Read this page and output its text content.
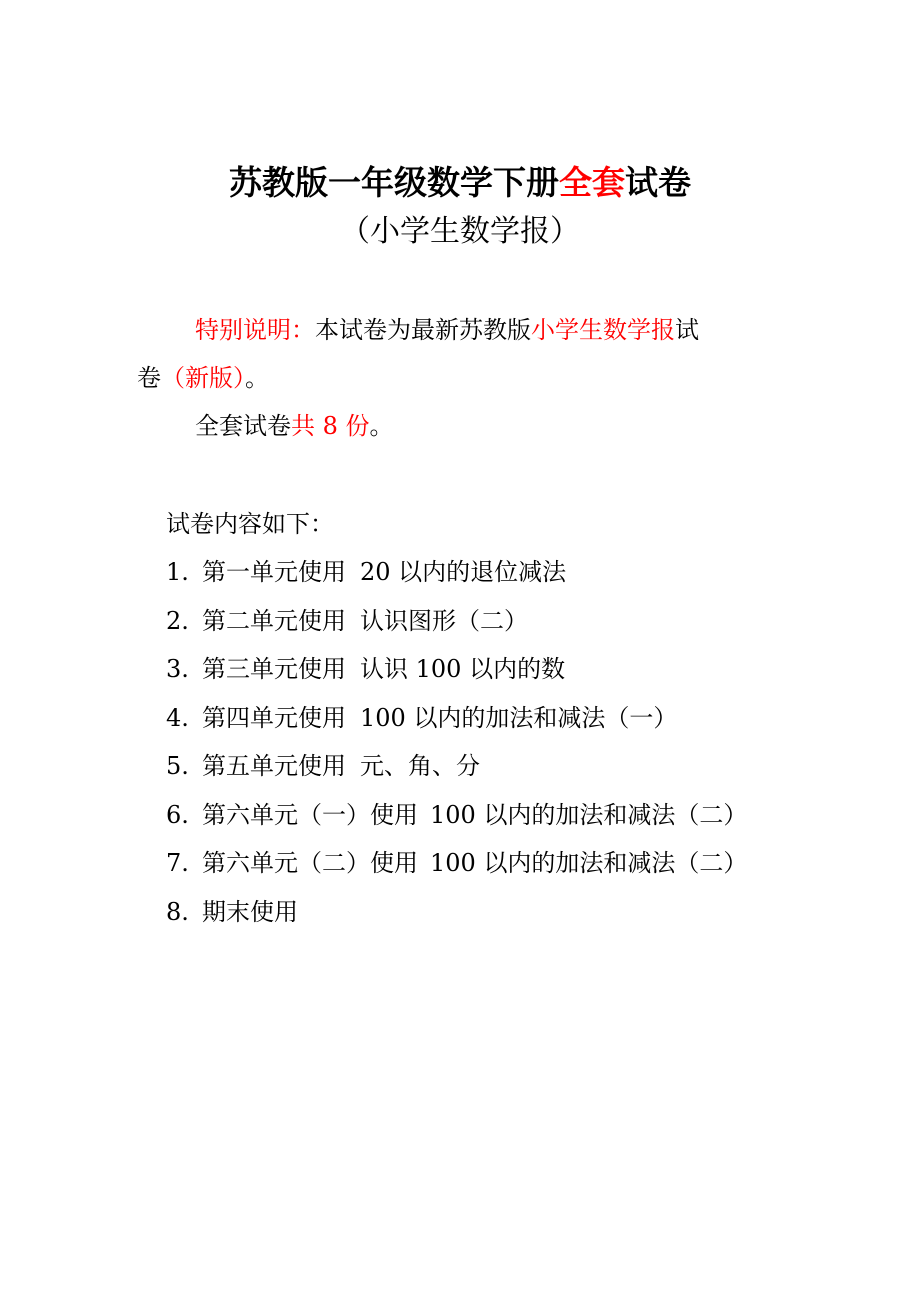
苏教版一年级数学下册全套试卷
（小学生数学报）
特别说明：本试卷为最新苏教版小学生数学报试
卷（新版）。
全套试卷共 8 份。
试卷内容如下：
1. 第一单元使用 20 以内的退位减法
2. 第二单元使用 认识图形（二）
3. 第三单元使用 认识 100 以内的数
4. 第四单元使用 100 以内的加法和减法（一）
5. 第五单元使用 元、角、分
6. 第六单元（一）使用 100 以内的加法和减法（二）
7. 第六单元（二）使用 100 以内的加法和减法（二）
8. 期末使用
